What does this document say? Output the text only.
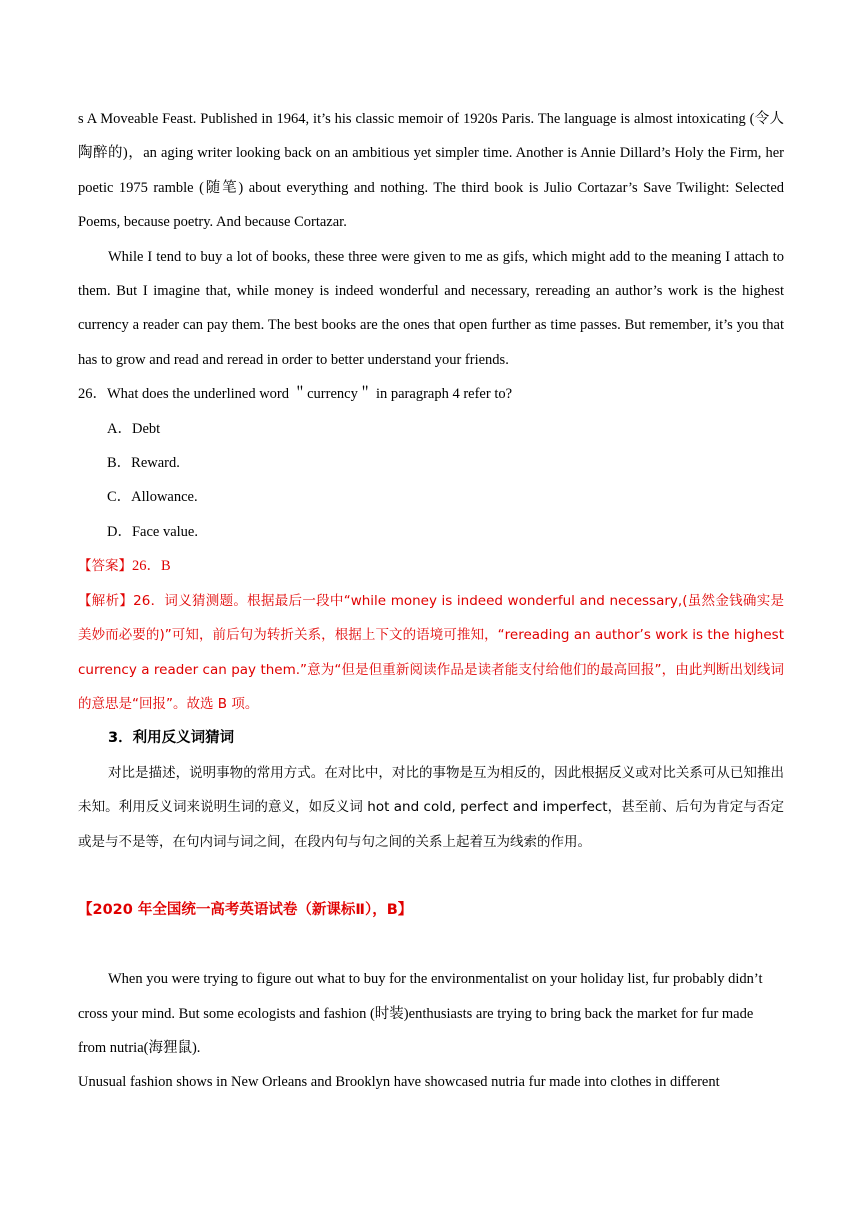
s A Moveable Feast. Published in 1964, it’s his classic memoir of 1920s Paris. The language is almost intoxicating (令人陶醉的)，an aging writer looking back on an ambitious yet simpler time. Another is Annie Dillard’s Holy the Firm, her poetic 1975 ramble (随笔) about everything and nothing. The third book is Julio Cortazar’s Save Twilight: Selected Poems, because poetry. And because Cortazar.

While I tend to buy a lot of books, these three were given to me as gifs, which might add to the meaning I attach to them. But I imagine that, while money is indeed wonderful and necessary, rereading an author’s work is the highest currency a reader can pay them. The best books are the ones that open further as time passes. But remember, it’s you that has to grow and read and reread in order to better understand your friends.

26．What does the underlined word ＂currency＂ in paragraph 4 refer to?

A．Debt

B．Reward.

C．Allowance.

D．Face value.

【答案】26．B

【解析】26．词义猜测题。根据最后一段中“while money is indeed wonderful and necessary,(虽然金钱确实是美妙而必要的)”可知，前后句为转折关系，根据上下文的语境可推知，“rereading an author’s work is the highest currency a reader can pay them.”意为“但是但重新阅读作品是读者能支付给他们的最高回报”，由此判断出划线词的意思是“回报”。故选 B 项。

3．利用反义词猜词

对比是描述，说明事物的常用方式。在对比中，对比的事物是互为相反的，因此根据反义或对比关系可从已知推出未知。利用反义词来说明生词的意义，如反义词 hot and cold, perfect and imperfect，甚至前、后句为肯定与否定或是与不是等，在句内词与词之间，在段内句与句之间的关系上起着互为线索的作用。

【2020 年全国统一高考英语试卷（新课标Ⅱ），B】

When you were trying to figure out what to buy for the environmentalist on your holiday list, fur probably didn’t cross your mind. But some ecologists and fashion (时装)enthusiasts are trying to bring back the market for fur made from nutria(海狸鼠).

Unusual fashion shows in New Orleans and Brooklyn have showcased nutria fur made into clothes in different
